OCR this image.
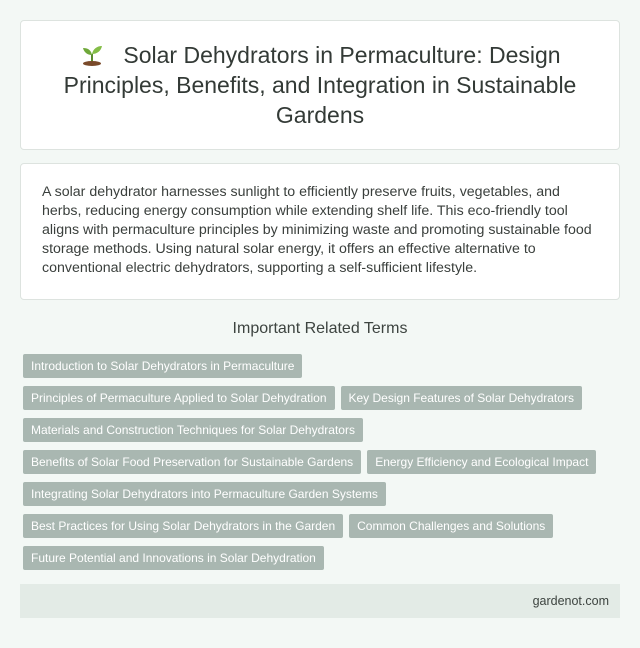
Solar Dehydrators in Permaculture: Design Principles, Benefits, and Integration in Sustainable Gardens

A solar dehydrator harnesses sunlight to efficiently preserve fruits, vegetables, and herbs, reducing energy consumption while extending shelf life. This eco-friendly tool aligns with permaculture principles by minimizing waste and promoting sustainable food storage methods. Using natural solar energy, it offers an effective alternative to conventional electric dehydrators, supporting a self-sufficient lifestyle.

Important Related Terms
Introduction to Solar Dehydrators in Permaculture
Principles of Permaculture Applied to Solar Dehydration	Key Design Features of Solar Dehydrators
Materials and Construction Techniques for Solar Dehydrators
Benefits of Solar Food Preservation for Sustainable Gardens	Energy Efficiency and Ecological Impact
Integrating Solar Dehydrators into Permaculture Garden Systems
Best Practices for Using Solar Dehydrators in the Garden	Common Challenges and Solutions
Future Potential and Innovations in Solar Dehydration
gardenot.com
